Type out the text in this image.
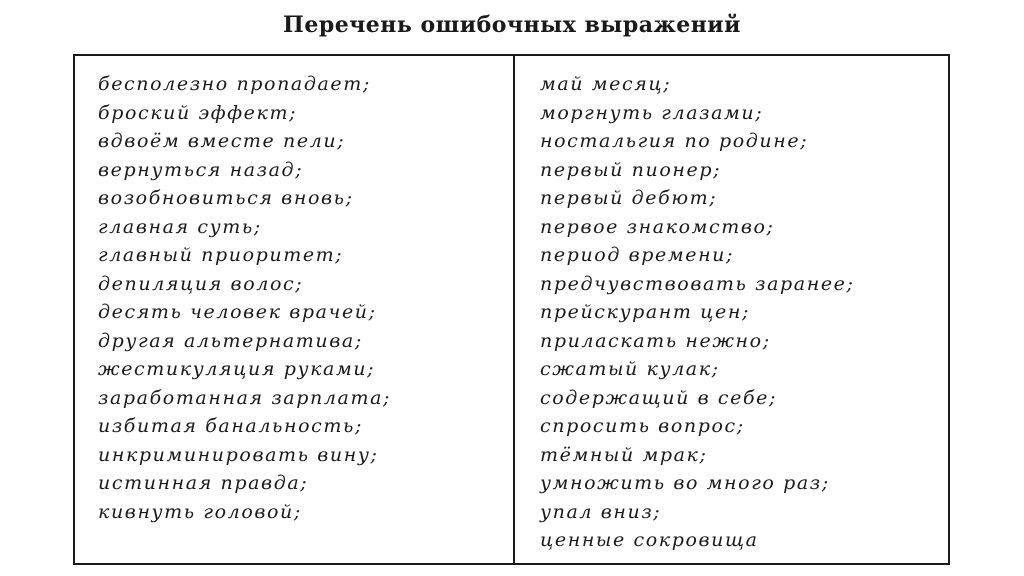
Перечень ошибочных выражений
бесполезно пропадает;
броский эффект;
вдвоём вместе пели;
вернуться назад;
возобновиться вновь;
главная суть;
главный приоритет;
депиляция волос;
десять человек врачей;
другая альтернатива;
жестикуляция руками;
заработанная зарплата;
избитая банальность;
инкриминировать вину;
истинная правда;
кивнуть головой;
май месяц;
моргнуть глазами;
ностальгия по родине;
первый пионер;
первый дебют;
первое знакомство;
период времени;
предчувствовать заранее;
прейскурант цен;
приласкать нежно;
сжатый кулак;
содержащий в себе;
спросить вопрос;
тёмный мрак;
умножить во много раз;
упал вниз;
ценные сокровища
